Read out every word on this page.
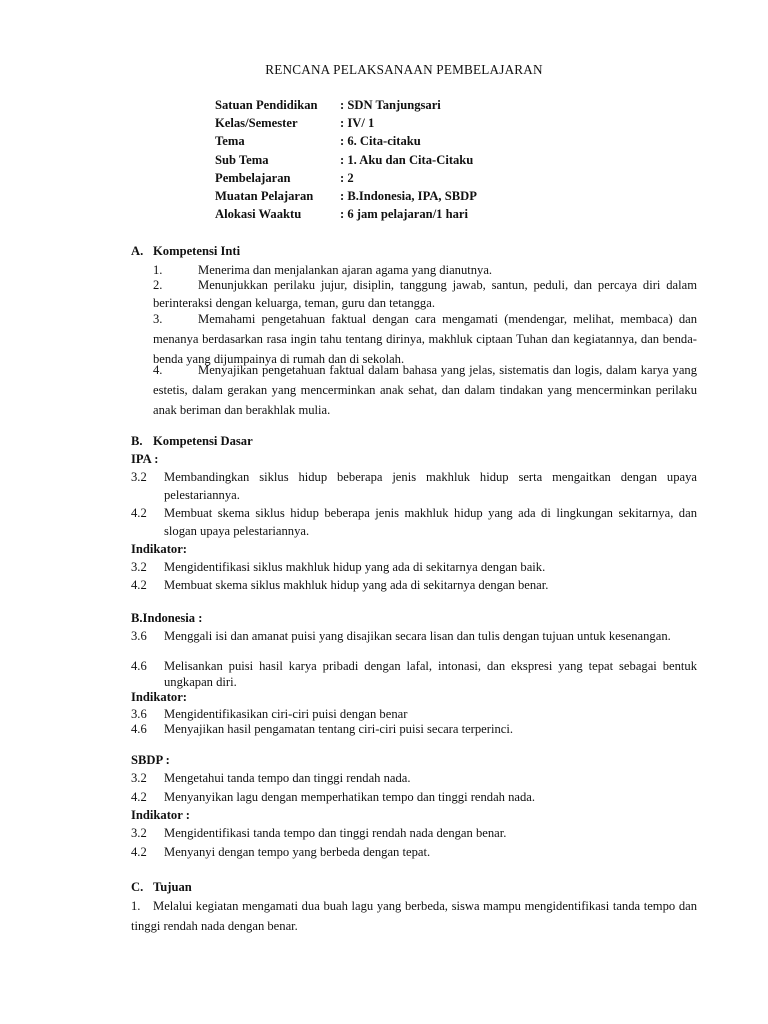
RENCANA PELAKSANAAN PEMBELAJARAN
Satuan Pendidikan	: SDN Tanjungsari
Kelas/Semester	: IV/ 1
Tema	: 6. Cita-citaku
Sub Tema	: 1. Aku dan Cita-Citaku
Pembelajaran	: 2
Muatan Pelajaran	: B.Indonesia, IPA, SBDP
Alokasi Waaktu	: 6 jam pelajaran/1 hari
A. Kompetensi Inti
1.	Menerima dan menjalankan ajaran agama yang dianutnya.
2.	Menunjukkan perilaku jujur, disiplin, tanggung jawab, santun, peduli, dan percaya diri dalam berinteraksi dengan keluarga, teman, guru dan tetangga.
3.	Memahami pengetahuan faktual dengan cara mengamati (mendengar, melihat, membaca) dan menanya berdasarkan rasa ingin tahu tentang dirinya, makhluk ciptaan Tuhan dan kegiatannya, dan benda-benda yang dijumpainya di rumah dan di sekolah.
4.	Menyajikan pengetahuan faktual dalam bahasa yang jelas, sistematis dan logis, dalam karya yang estetis, dalam gerakan yang mencerminkan anak sehat, dan dalam tindakan yang mencerminkan perilaku anak beriman dan berakhlak mulia.
B. Kompetensi Dasar
IPA :
3.2 Membandingkan siklus hidup beberapa jenis makhluk hidup serta mengaitkan dengan upaya pelestariannya.
4.2 Membuat skema siklus hidup beberapa jenis makhluk hidup yang ada di lingkungan sekitarnya, dan slogan upaya pelestariannya.
Indikator:
3.2 Mengidentifikasi siklus makhluk hidup yang ada di sekitarnya dengan baik.
4.2 Membuat skema siklus makhluk hidup yang ada di sekitarnya dengan benar.
B.Indonesia :
3.6 Menggali isi dan amanat puisi yang disajikan secara lisan dan tulis dengan tujuan untuk kesenangan.
4.6 Melisankan puisi hasil karya pribadi dengan lafal, intonasi, dan ekspresi yang tepat sebagai bentuk ungkapan diri.
Indikator:
3.6 Mengidentifikasikan ciri-ciri puisi dengan benar
4.6 Menyajikan hasil pengamatan tentang ciri-ciri puisi secara terperinci.
SBDP :
3.2 Mengetahui tanda tempo dan tinggi rendah nada.
4.2 Menyanyikan lagu dengan memperhatikan tempo dan tinggi rendah nada.
Indikator :
3.2 Mengidentifikasi tanda tempo dan tinggi rendah nada dengan benar.
4.2 Menyanyi dengan tempo yang berbeda dengan tepat.
C. Tujuan
1. Melalui kegiatan mengamati dua buah lagu yang berbeda, siswa mampu mengidentifikasi tanda tempo dan tinggi rendah nada dengan benar.
